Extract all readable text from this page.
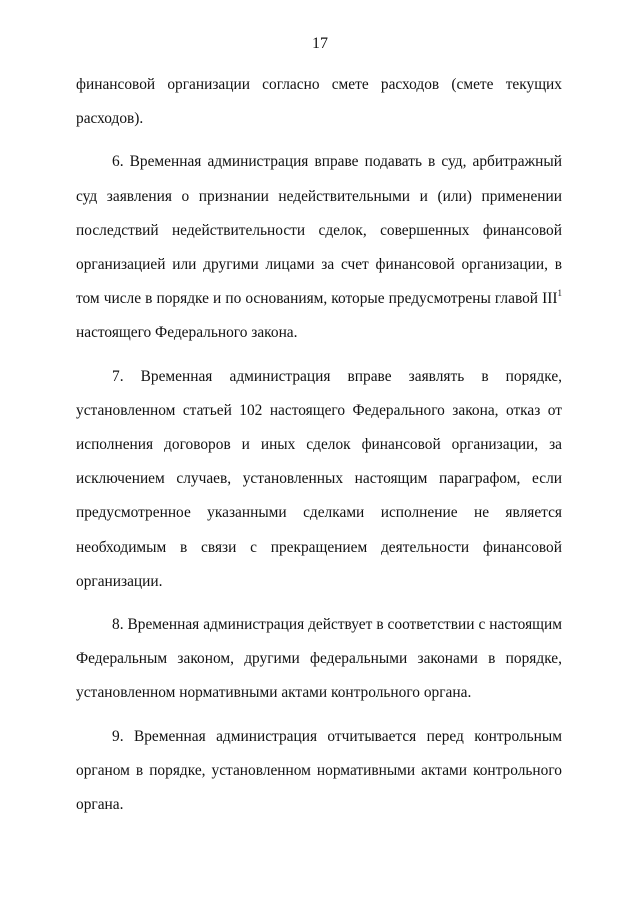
17

финансовой организации согласно смете расходов (смете текущих расходов).

6. Временная администрация вправе подавать в суд, арбитражный суд заявления о признании недействительными и (или) применении последствий недействительности сделок, совершенных финансовой организацией или другими лицами за счет финансовой организации, в том числе в порядке и по основаниям, которые предусмотрены главой III$^1$ настоящего Федерального закона.

7. Временная администрация вправе заявлять в порядке, установленном статьей 102 настоящего Федерального закона, отказ от исполнения договоров и иных сделок финансовой организации, за исключением случаев, установленных настоящим параграфом, если предусмотренное указанными сделками исполнение не является необходимым в связи с прекращением деятельности финансовой организации.

8. Временная администрация действует в соответствии с настоящим Федеральным законом, другими федеральными законами в порядке, установленном нормативными актами контрольного органа.

9. Временная администрация отчитывается перед контрольным органом в порядке, установленном нормативными актами контрольного органа.
